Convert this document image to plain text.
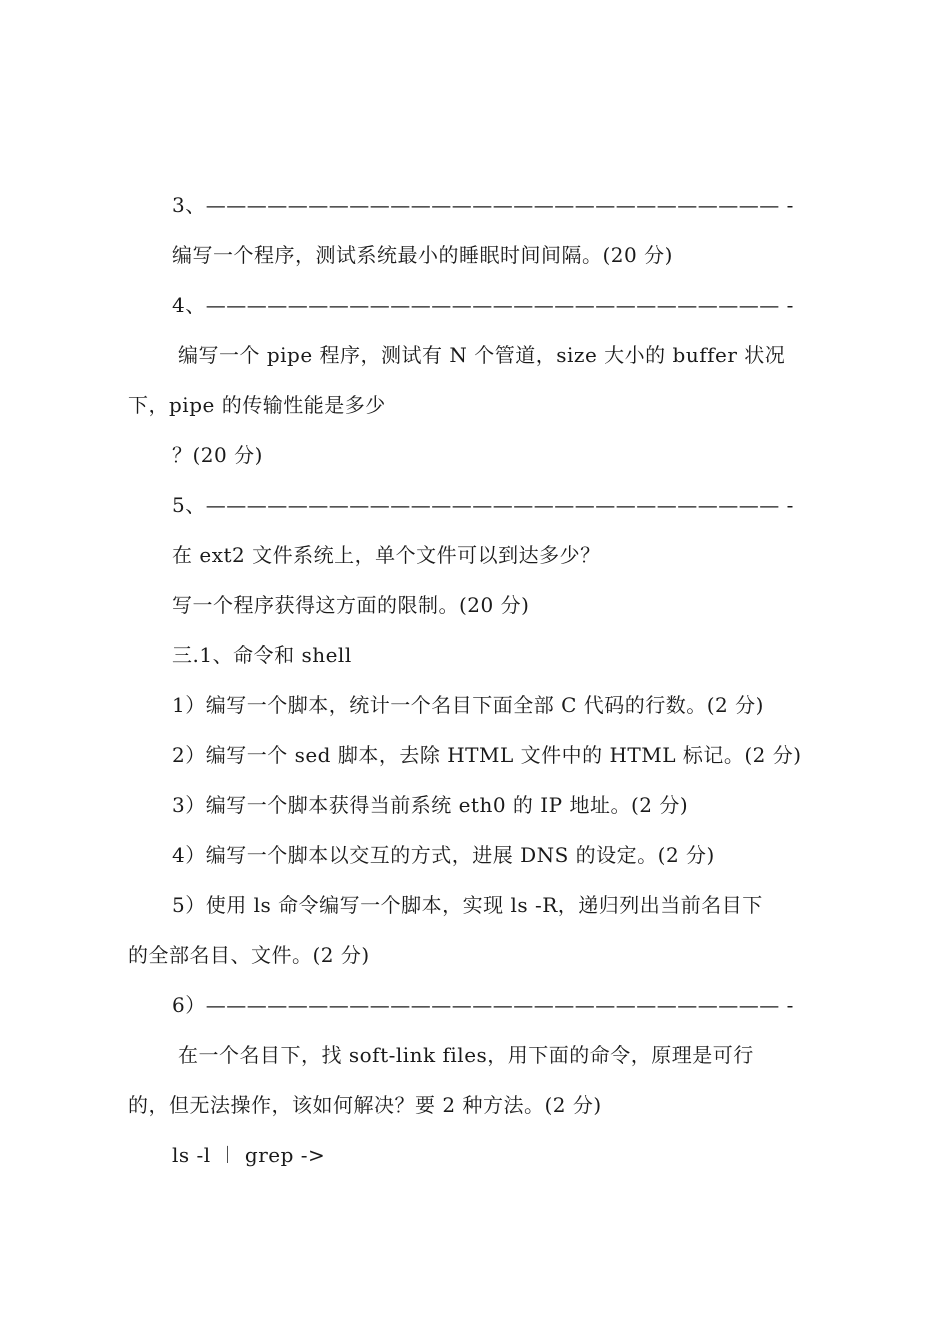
3、———————————————————————————— -

编写一个程序，测试系统最小的睡眠时间间隔。(20 分)

4、———————————————————————————— -

编写一个 pipe 程序，测试有 N 个管道，size 大小的 buffer 状况

下，pipe 的传输性能是多少

？(20 分)

5、———————————————————————————— -

在 ext2 文件系统上，单个文件可以到达多少？

写一个程序获得这方面的限制。(20 分)

三.1、命令和 shell

1）编写一个脚本，统计一个名目下面全部 C 代码的行数。(2 分)

2）编写一个 sed 脚本，去除 HTML 文件中的 HTML 标记。(2 分)

3）编写一个脚本获得当前系统 eth0 的 IP 地址。(2 分)

4）编写一个脚本以交互的方式，进展 DNS 的设定。(2 分)

5）使用 ls 命令编写一个脚本，实现 ls -R，递归列出当前名目下

的全部名目、文件。(2 分)

6）———————————————————————————— -

在一个名目下，找 soft-link files，用下面的命令，原理是可行

的，但无法操作，该如何解决？要 2 种方法。(2 分)

ls -l ︱ grep ->
